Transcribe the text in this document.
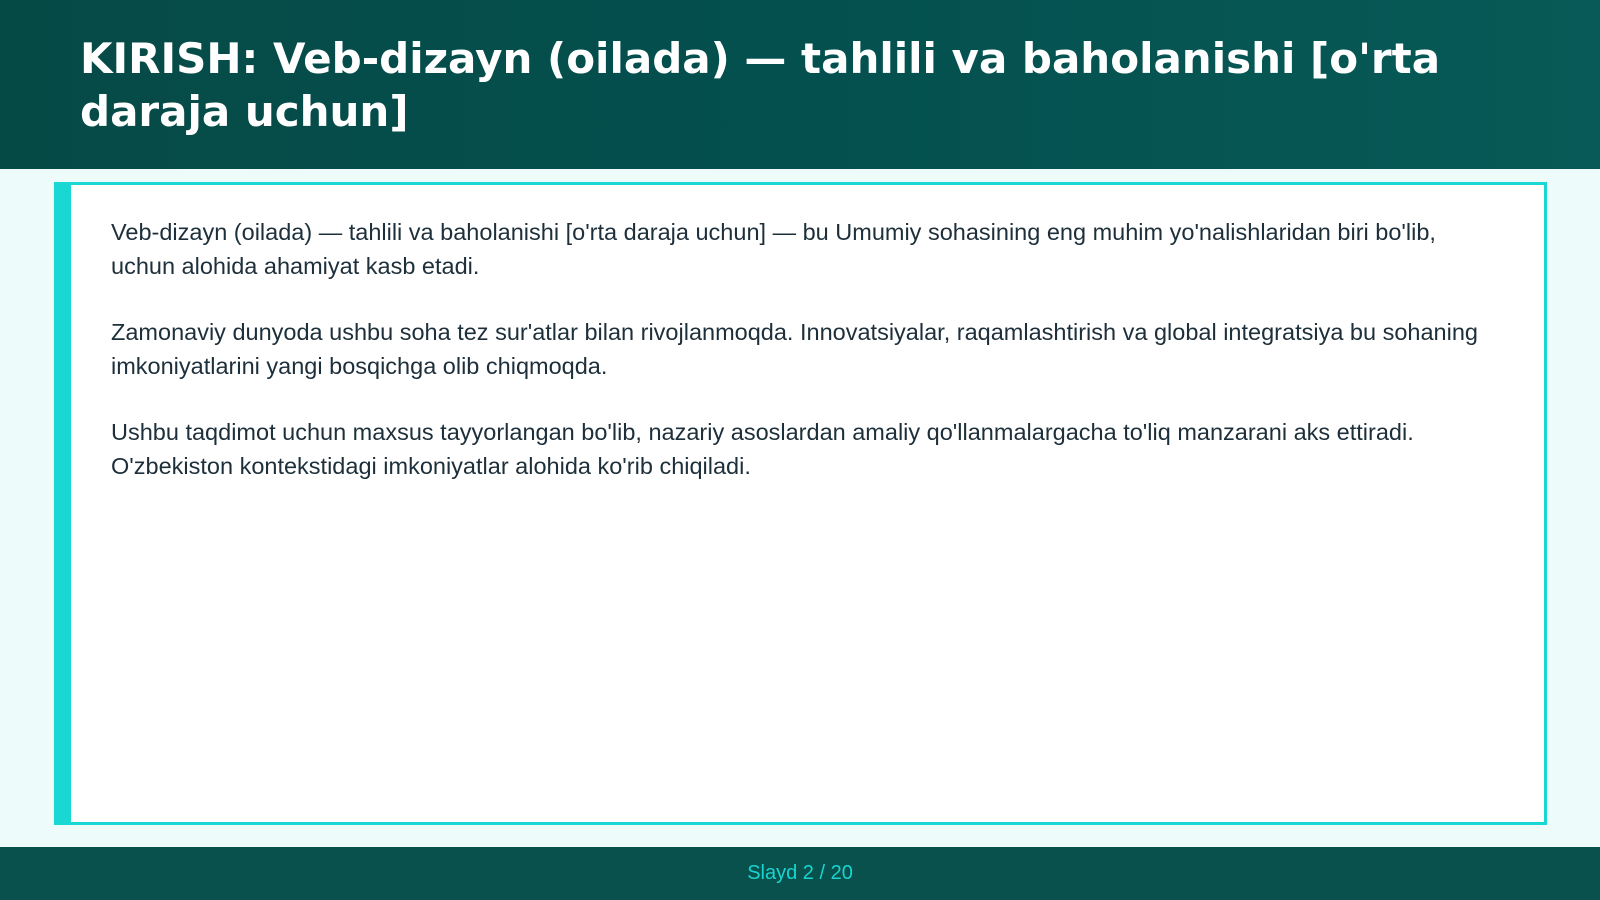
KIRISH: Veb-dizayn (oilada) — tahlili va baholanishi [o'rta daraja uchun]

Veb-dizayn (oilada) — tahlili va baholanishi [o'rta daraja uchun] — bu Umumiy sohasining eng muhim yo'nalishlaridan biri bo'lib, uchun alohida ahamiyat kasb etadi.

Zamonaviy dunyoda ushbu soha tez sur'atlar bilan rivojlanmoqda. Innovatsiyalar, raqamlashtirish va global integratsiya bu sohaning imkoniyatlarini yangi bosqichga olib chiqmoqda.

Ushbu taqdimot uchun maxsus tayyorlangan bo'lib, nazariy asoslardan amaliy qo'llanmalargacha to'liq manzarani aks ettiradi. O'zbekiston kontekstidagi imkoniyatlar alohida ko'rib chiqiladi.

Slayd 2 / 20
